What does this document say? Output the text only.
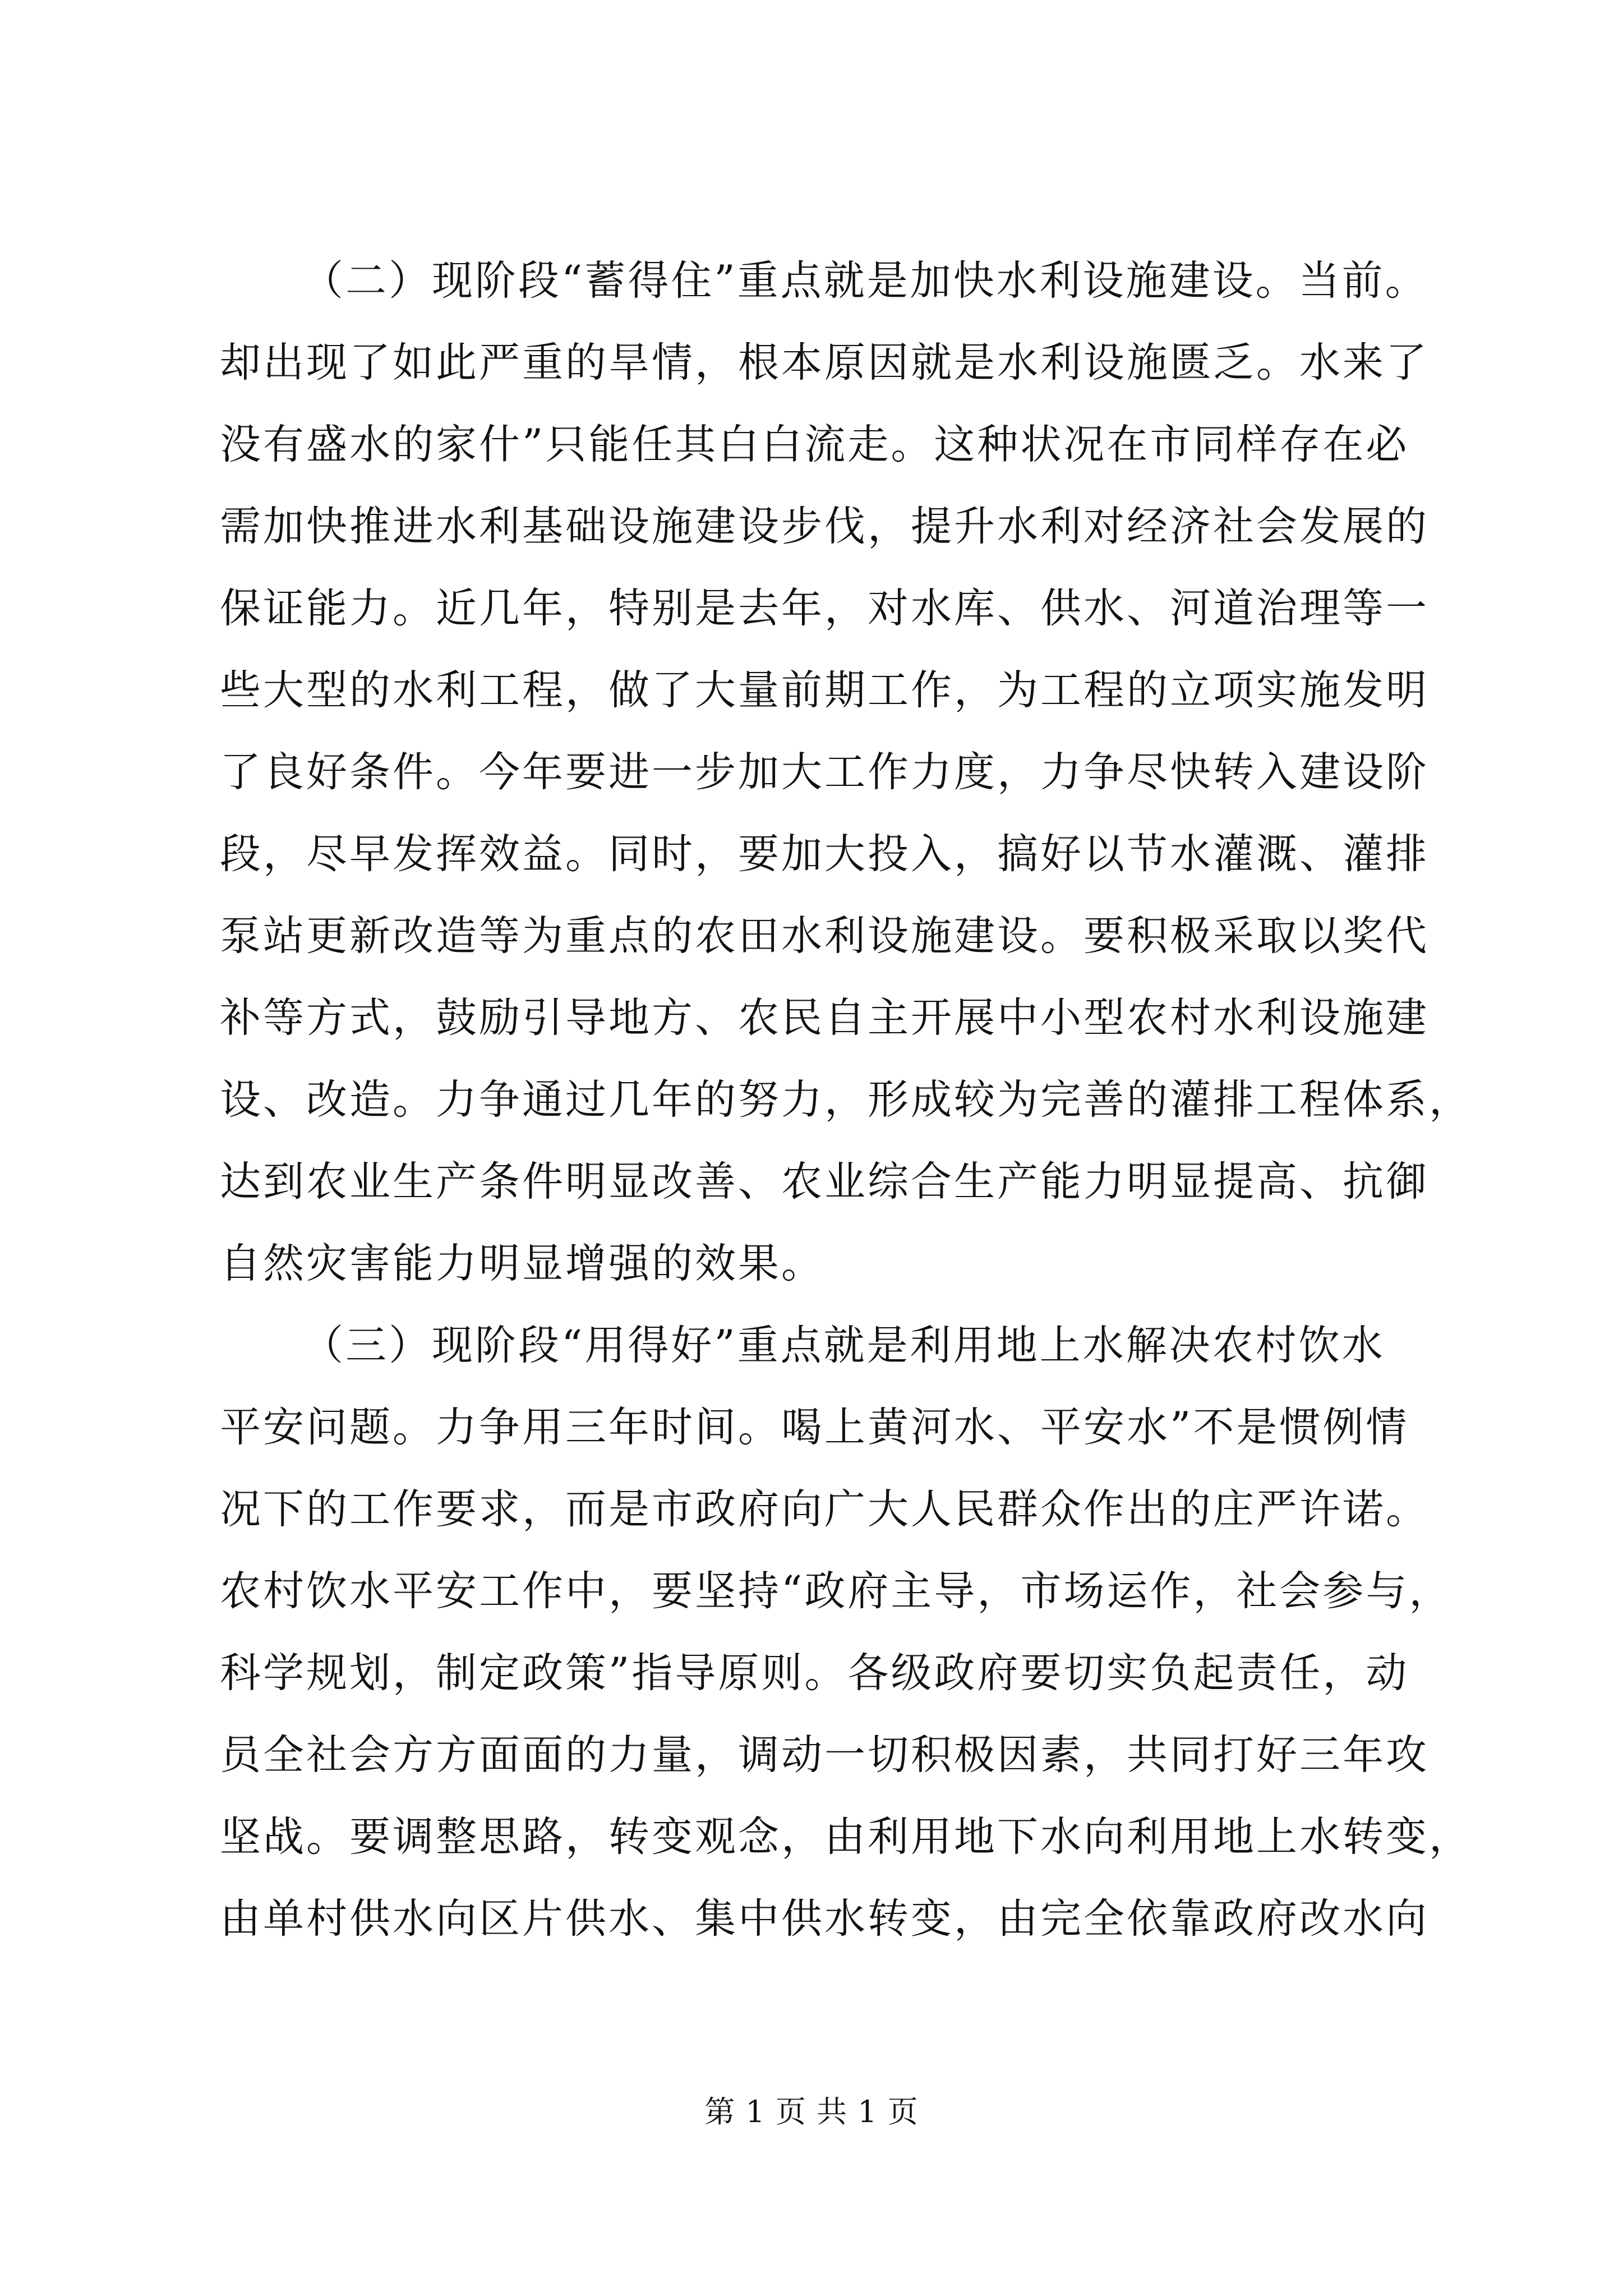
（二）现阶段“蓄得住”重点就是加快水利设施建设。当前。
却出现了如此严重的旱情，根本原因就是水利设施匮乏。水来了
没有盛水的家什”只能任其白白流走。这种状况在市同样存在必
需加快推进水利基础设施建设步伐，提升水利对经济社会发展的
保证能力。近几年，特别是去年，对水库、供水、河道治理等一
些大型的水利工程，做了大量前期工作，为工程的立项实施发明
了良好条件。今年要进一步加大工作力度，力争尽快转入建设阶
段，尽早发挥效益。同时，要加大投入，搞好以节水灌溉、灌排
泵站更新改造等为重点的农田水利设施建设。要积极采取以奖代
补等方式，鼓励引导地方、农民自主开展中小型农村水利设施建
设、改造。力争通过几年的努力，形成较为完善的灌排工程体系，
达到农业生产条件明显改善、农业综合生产能力明显提高、抗御
自然灾害能力明显增强的效果。

（三）现阶段“用得好”重点就是利用地上水解决农村饮水
平安问题。力争用三年时间。喝上黄河水、平安水”不是惯例情
况下的工作要求，而是市政府向广大人民群众作出的庄严许诺。
农村饮水平安工作中，要坚持“政府主导，市场运作，社会参与，
科学规划，制定政策”指导原则。各级政府要切实负起责任，动
员全社会方方面面的力量，调动一切积极因素，共同打好三年攻
坚战。要调整思路，转变观念，由利用地下水向利用地上水转变，
由单村供水向区片供水、集中供水转变，由完全依靠政府改水向

第 1 页 共 1 页
